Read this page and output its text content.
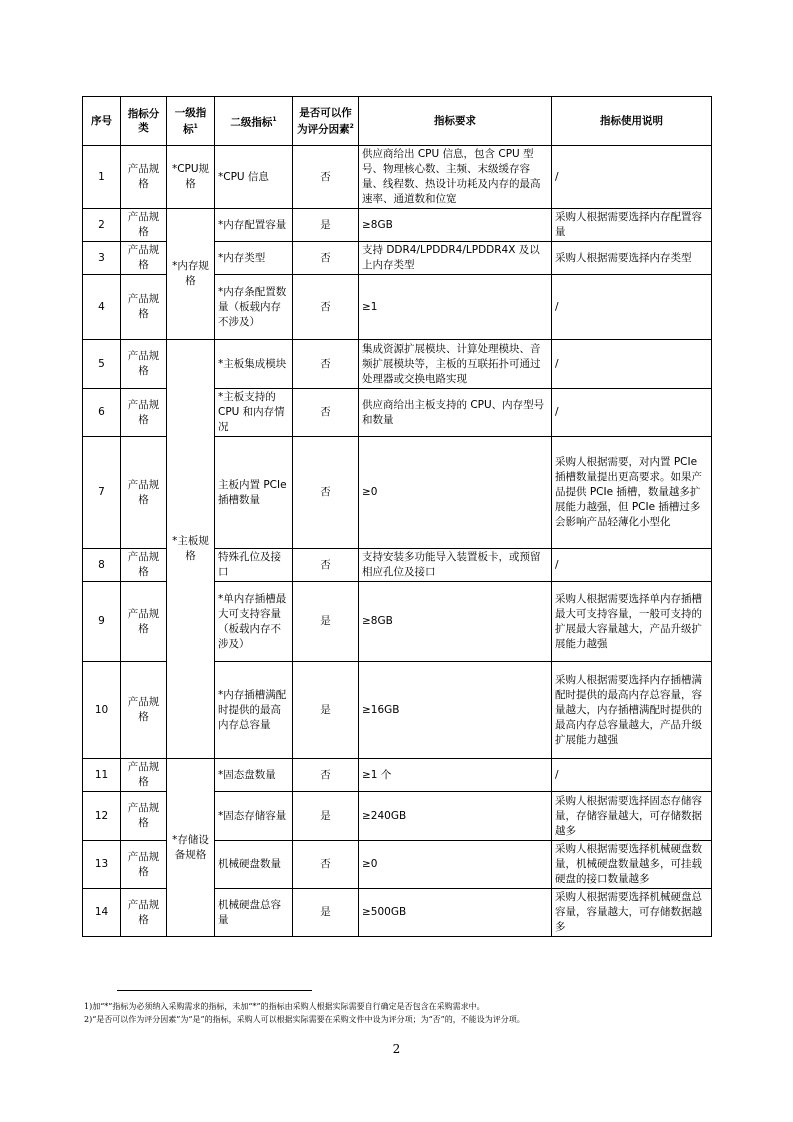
序号	指标分类	一级指标$^1$	二级指标$^1$	是否可以作为评分因素$^2$	指标要求	指标使用说明
1	产品规格	*CPU规格	*CPU 信息	否	供应商给出 CPU 信息，包含 CPU 型号、物理核心数、主频、末级缓存容量、线程数、热设计功耗及内存的最高速率、通道数和位宽	/
2	产品规格	*内存规格	*内存配置容量	是	≥8GB	采购人根据需要选择内存配置容量
3	产品规格		*内存类型	否	支持 DDR4/LPDDR4/LPDDR4X 及以上内存类型	采购人根据需要选择内存类型
4	产品规格		*内存条配置数量（板载内存不涉及）	否	≥1	/
5	产品规格	*主板规格	*主板集成模块	否	集成资源扩展模块、计算处理模块、音频扩展模块等，主板的互联拓扑可通过处理器或交换电路实现	/
6	产品规格		*主板支持的 CPU 和内存情况	否	供应商给出主板支持的 CPU、内存型号和数量	/
7	产品规格		主板内置 PCIe 插槽数量	否	≥0	采购人根据需要，对内置 PCIe 插槽数量提出更高要求。如果产品提供 PCIe 插槽，数量越多扩展能力越强，但 PCIe 插槽过多会影响产品轻薄化小型化
8	产品规格		特殊孔位及接口	否	支持安装多功能导入装置板卡，或预留相应孔位及接口	/
9	产品规格		*单内存插槽最大可支持容量（板载内存不涉及）	是	≥8GB	采购人根据需要选择单内存插槽最大可支持容量，一般可支持的扩展最大容量越大，产品升级扩展能力越强
10	产品规格		*内存插槽满配时提供的最高内存总容量	是	≥16GB	采购人根据需要选择内存插槽满配时提供的最高内存总容量，容量越大，内存插槽满配时提供的最高内存总容量越大，产品升级扩展能力越强
11	产品规格	*存储设备规格	*固态盘数量	否	≥1 个	/
12	产品规格		*固态存储容量	是	≥240GB	采购人根据需要选择固态存储容量，存储容量越大，可存储数据越多
13	产品规格		机械硬盘数量	否	≥0	采购人根据需要选择机械硬盘数量，机械硬盘数量越多，可挂载硬盘的接口数量越多
14	产品规格		机械硬盘总容量	是	≥500GB	采购人根据需要选择机械硬盘总容量，容量越大，可存储数据越多
1)加“*”指标为必须纳入采购需求的指标，未加“*”的指标由采购人根据实际需要自行确定是否包含在采购需求中。
2)“是否可以作为评分因素”为“是”的指标，采购人可以根据实际需要在采购文件中设为评分项；为“否”的，不能设为评分项。
2
